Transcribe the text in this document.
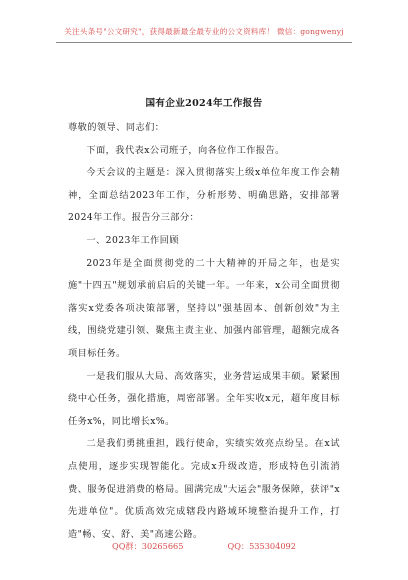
关注头条号"公文研究"，获得最新最全最专业的公文资料库！ 微信：gongwenyj
国有企业2024年工作报告

尊敬的领导、同志们：

下面，我代表x公司班子，向各位作工作报告。

今天会议的主题是：深入贯彻落实上级x单位年度工作会精神，全面总结2023年工作，分析形势、明确思路，安排部署2024年工作。报告分三部分：

一、2023年工作回顾

2023年是全面贯彻党的二十大精神的开局之年，也是实施"十四五"规划承前启后的关键一年。一年来，x公司全面贯彻落实x党委各项决策部署，坚持以"强基固本、创新创效"为主线，围绕党建引领、聚焦主责主业、加强内部管理，超额完成各项目标任务。

一是我们服从大局、高效落实，业务营运成果丰硕。紧紧围绕中心任务，强化措施，周密部署。全年实收x元，超年度目标任务x%，同比增长x%。

二是我们勇挑重担，践行使命，实绩实效亮点纷呈。在x试点使用，逐步实现智能化。完成x升级改造，形成特色引流消费、服务促进消费的格局。圆满完成"大运会"服务保障，获评"x先进单位"。优质高效完成辖段内路域环境整治提升工作，打造"畅、安、舒、美"高速公路。

QQ群：30265665	QQ：535304092
